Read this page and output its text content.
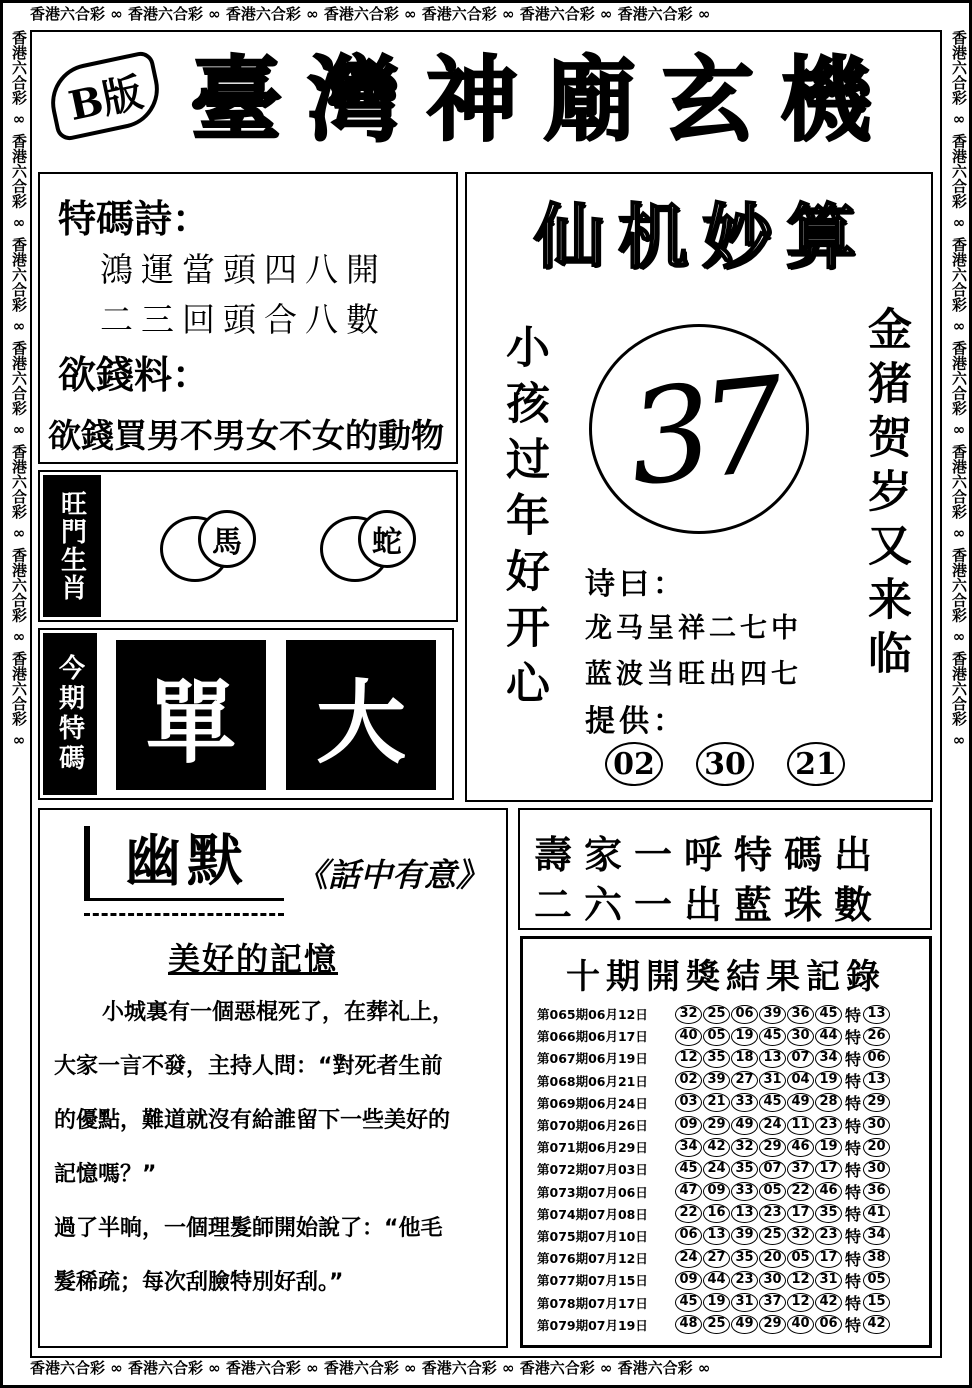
香港六合彩 ∞ 香港六合彩 ∞ 香港六合彩 ∞ 香港六合彩 ∞ 香港六合彩 ∞ 香港六合彩 ∞ 香港六合彩 ∞
香港六合彩 ∞ 香港六合彩 ∞ 香港六合彩 ∞ 香港六合彩 ∞ 香港六合彩 ∞ 香港六合彩 ∞ 香港六合彩 ∞
香港六合彩 ∞ 香港六合彩 ∞ 香港六合彩 ∞ 香港六合彩 ∞ 香港六合彩 ∞ 香港六合彩 ∞ 香港六合彩 ∞	香港六合彩 ∞ 香港六合彩 ∞ 香港六合彩 ∞ 香港六合彩 ∞ 香港六合彩 ∞ 香港六合彩 ∞ 香港六合彩 ∞
B版 臺灣神廟玄機
特碼詩：
鴻運當頭四八開
二三回頭合八數
欲錢料：
欲錢買男不男女不女的動物
旺門生肖	馬	蛇
今期特碼 單 大
仙机妙算
小孩过年好开心	金猪贺岁又来临
37
诗曰：
龙马呈祥二七中
蓝波当旺出四七
提供：
02 30 21
幽默	《話中有意》
美好的記憶

小城裏有一個惡棍死了，在葬礼上，

大家一言不發，主持人問：“對死者生前

的優點，難道就沒有給誰留下一些美好的

記憶嗎？”

過了半晌，一個理髮師開始說了：“他毛

髮稀疏；每次刮臉特別好刮。”

壽家一呼特碼出
二六一出藍珠數
十期開獎結果記錄
第065期06月12日	32 25 06 39 36 45 特 13
第066期06月17日	40 05 19 45 30 44 特 26
第067期06月19日	12 35 18 13 07 34 特 06
第068期06月21日	02 39 27 31 04 19 特 13
第069期06月24日	03 21 33 45 49 28 特 29
第070期06月26日	09 29 49 24 11 23 特 30
第071期06月29日	34 42 32 29 46 19 特 20
第072期07月03日	45 24 35 07 37 17 特 30
第073期07月06日	47 09 33 05 22 46 特 36
第074期07月08日	22 16 13 23 17 35 特 41
第075期07月10日	06 13 39 25 32 23 特 34
第076期07月12日	24 27 35 20 05 17 特 38
第077期07月15日	09 44 23 30 12 31 特 05
第078期07月17日	45 19 31 37 12 42 特 15
第079期07月19日	48 25 49 29 40 06 特 42
